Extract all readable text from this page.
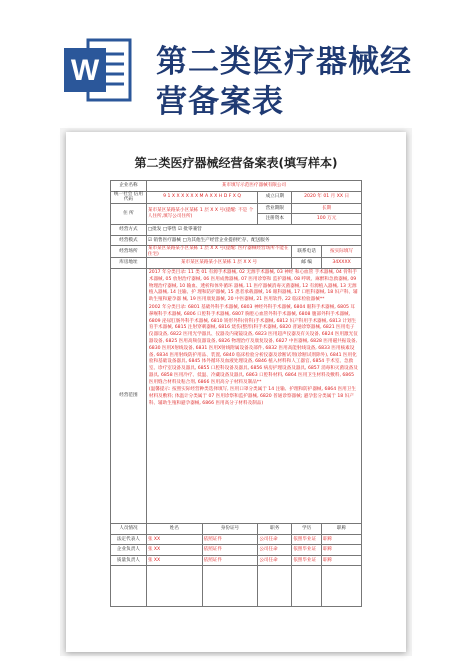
W 第二类医疗器械经
营备案表
第二类医疗器械经营备案表(填写样本)
企业名称	某市填写示范医疗器械有限公司				
统一社会 信用代码	9 1 X X X X X X M A X X H D F X Q		成立日期	2020 年 01 月 XX 日	
住 所	某市某区某路某小区某栋 1 层 X X 号(提醒: 不是 个人住所,填写公司住所)		营业期限	长期	
			注册资本	100 万元	
经营方式	□批发 □零售 ☑ 批零兼营				
经营模式	☑ 销售医疗器械 □为其他生产经营企业提供贮存、配送服务				
经营场所	某市某区某路某小区某栋 1 层 X X 号(提醒: 医疗器械经营场所不能在住宅)			联系电话	按实际填写
库房地址	某市某区某路某小区某栋 1 层 X X 号			邮 编	34XXXX
经营范围	2017 年分类目录: 11 类 01 有源手术器械, 02 无源手术器械, 03 神经 和心血管 手术器械, 04 骨科手术器械, 05 放射治疗器械, 06 医用成像器械, 07 医用诊察和 监护器械, 08 呼吸、麻醉和急救器械, 09 物理治疗器械, 10 输血、透析和体外循环 器械, 11 医疗器械消毒灭菌器械, 12 有源植入器械, 13 无源植入器械, 14 注输、护 理和防护器械, 15 患者承载器械, 16 眼科器械, 17 口腔科器械, 18 妇产科、辅助生殖和避孕器 械, 19 医用康复器械, 20 中医器械, 21 医用软件, 22 临床检验器械**

2002 年分类目录: 6801 基础外科手术器械, 6803 神经外科手术器械, 6804 眼科手术器械, 6805 耳鼻喉科手术器械, 6806 口腔科手术器械, 6807 胸腔心血管外科手术器械, 6808 腹部外科手术器械, 6809 泌尿肛肠外科手术器械, 6810 矫形外科(骨科)手术器械, 6812 妇产科用手术器械, 6813 计划生育手术器械, 6815 注射穿刺器械, 6816 烧伤(整形)科手术器械, 6820 普通诊察器械, 6821 医用电子仪器设备, 6822 医用光学器具、仪器及内窥镜设备, 6823 医用超声仪器及有关设备, 6824 医用激光仪器设备, 6825 医用高频仪器设备, 6826 物理治疗及康复设备, 6827 中医器械, 6828 医用磁共振设备, 6830 医用X射线设备, 6831 医用X射线附属设备及部件, 6832 医用高能射线设备, 6833 医用核素设备, 6834 医用射线防护用品、装置, 6840 临床检验分析仪器及诊断试剂(诊断试剂除外), 6841 医用化验和基础设备器具, 6845 体外循环及血液处理设备, 6846 植入材料和人工器官, 6854 手术室、急救室、诊疗室设备及器具, 6855 口腔科设备及器具, 6856 病房护理设备及器具, 6857 消毒和灭菌设备及器具, 6858 医用冷疗、低温、冷藏设备及器具, 6863 口腔科材料, 6864 医用卫生材料及敷料, 6865 医用缝合材料及粘合剂, 6866 医用高分子材料及制品**

(温馨提示: 按照实际经营种类选择填写, 医用口罩分类属于 14 注输、护理和防护器械, 6864 医用卫生材料及敷料; 体温计分类属于 07 医用诊察和监护器械, 6820 普通诊察器械; 避孕套分类属于 18 妇产科、辅助生殖和避孕器械, 6866 医用高分子材料及制品)				

人员情况	姓名	身份证号	职务	学历	职称
法定代表人	张 XX	依照证件	公司任命	依照毕业证	职称
企业负责人	张 XX	依照证件	公司任命	依照毕业证	职称
质量负责人	张 XX	依照证件	公司任命	依照毕业证	职称
